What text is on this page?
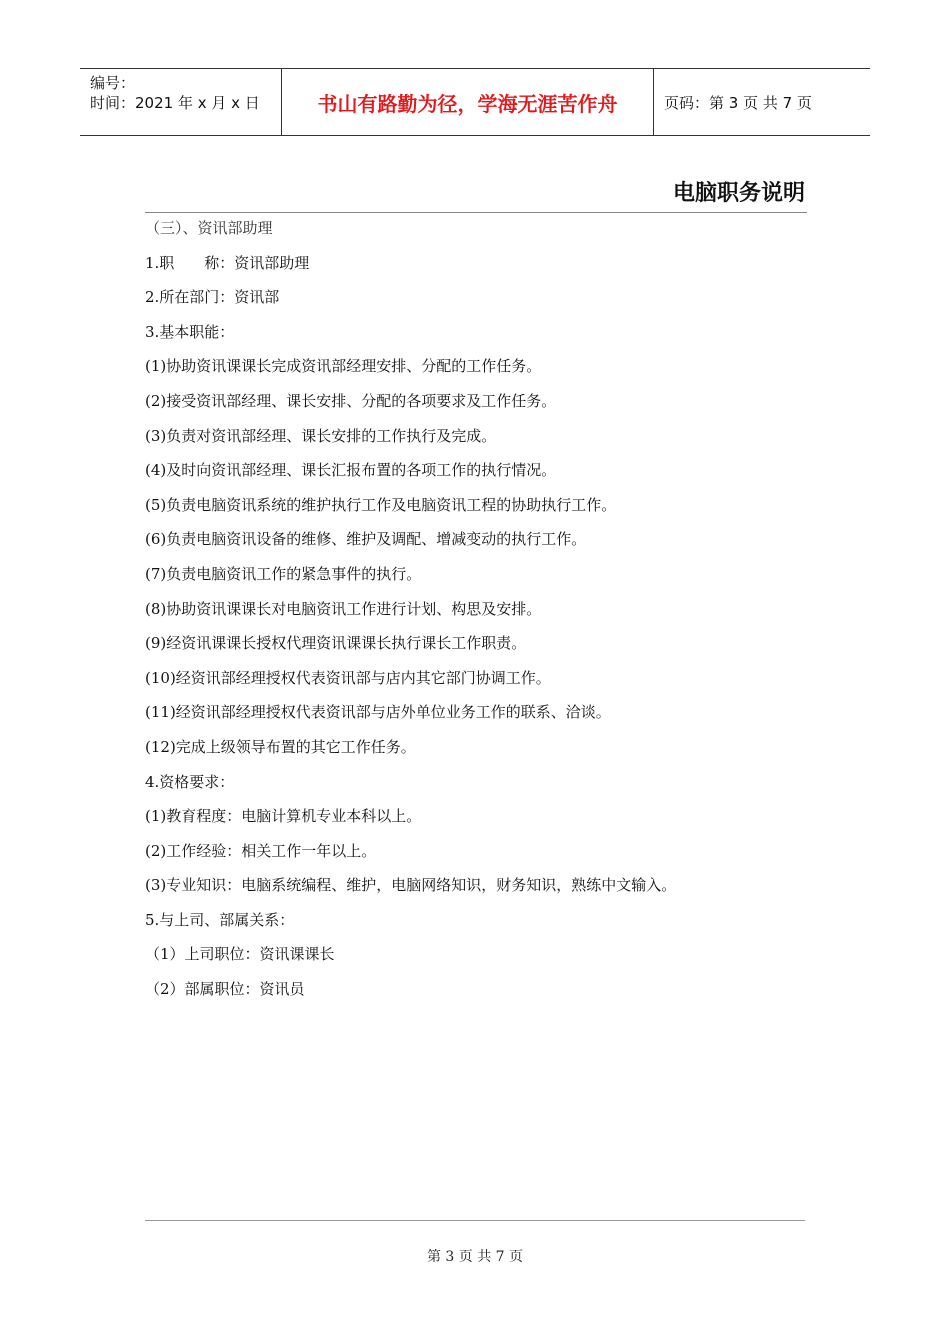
编号：
时间：2021 年 x 月 x 日	书山有路勤为径，学海无涯苦作舟	页码：第 3 页 共 7 页
电脑职务说明
（三）、资讯部助理
1.职　　称：资讯部助理
2.所在部门：资讯部
3.基本职能：
(1)协助资讯课课长完成资讯部经理安排、分配的工作任务。
(2)接受资讯部经理、课长安排、分配的各项要求及工作任务。
(3)负责对资讯部经理、课长安排的工作执行及完成。
(4)及时向资讯部经理、课长汇报布置的各项工作的执行情况。
(5)负责电脑资讯系统的维护执行工作及电脑资讯工程的协助执行工作。
(6)负责电脑资讯设备的维修、维护及调配、增减变动的执行工作。
(7)负责电脑资讯工作的紧急事件的执行。
(8)协助资讯课课长对电脑资讯工作进行计划、构思及安排。
(9)经资讯课课长授权代理资讯课课长执行课长工作职责。
(10)经资讯部经理授权代表资讯部与店内其它部门协调工作。
(11)经资讯部经理授权代表资讯部与店外单位业务工作的联系、洽谈。
(12)完成上级领导布置的其它工作任务。
4.资格要求：
(1)教育程度：电脑计算机专业本科以上。
(2)工作经验：相关工作一年以上。
(3)专业知识：电脑系统编程、维护，电脑网络知识，财务知识，熟练中文输入。
5.与上司、部属关系：
（1）上司职位：资讯课课长
（2）部属职位：资讯员
第 3 页 共 7 页
